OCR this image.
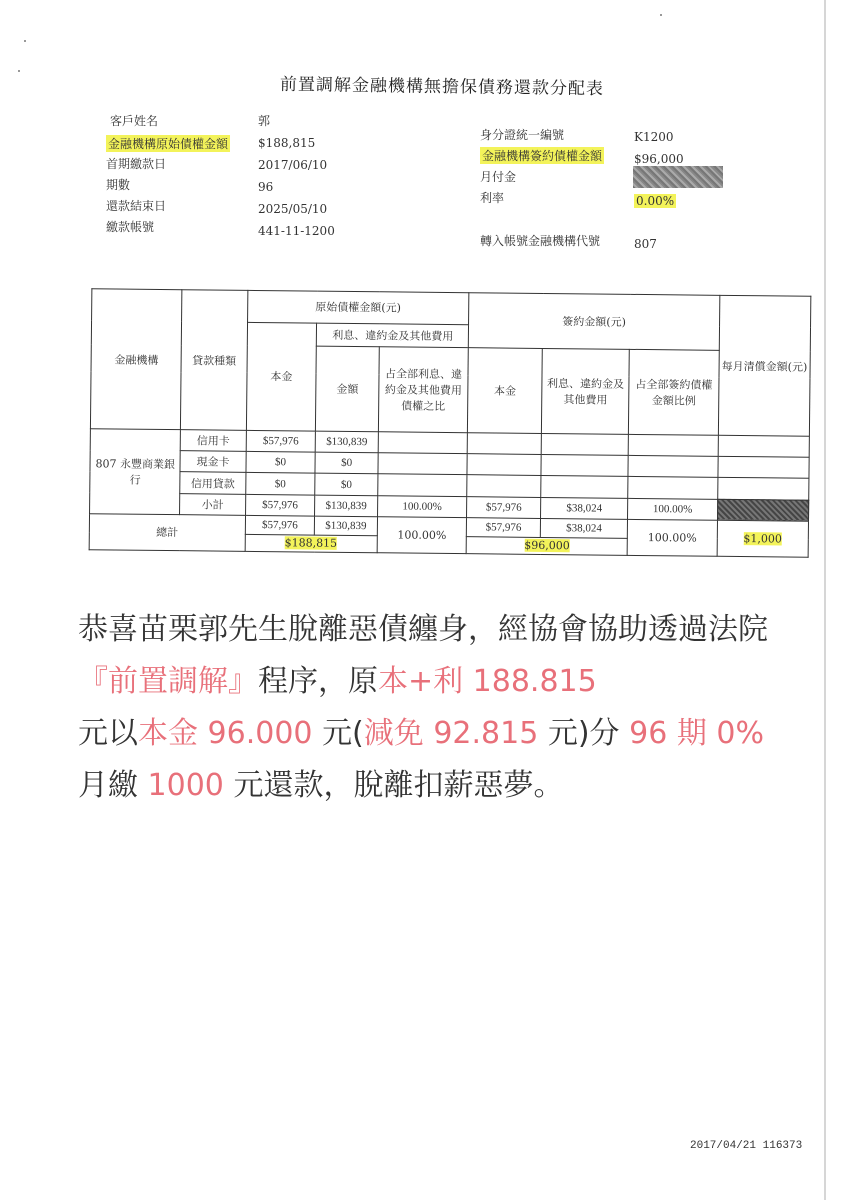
前置調解金融機構無擔保債務還款分配表
客戶姓名	郭
金融機構原始債權金額 $188,815
首期繳款日	2017/06/10
期數	96
還款結束日	2025/05/10
繳款帳號	441-11-1200
身分證統一編號	K1200
金融機構簽約債權金額	$96,000
月付金
利率	0.00%
轉入帳號金融機構代號	807
金融機構	貸款種類	原始債權金額(元)			簽約金額(元)			每月清償金額(元)
		本金	利息、違約金及其他費用					
			金額	占全部利息、違約金及其他費用債權之比	本金	利息、違約金及其他費用	占全部簽約債權金額比例	

807 永豐商業銀行	信用卡	$57,976	$130,839					
	現金卡	$0	$0					
	信用貸款	$0	$0					
	小計	$57,976	$130,839	100.00%	$57,976	$38,024	100.00%	
總計		$57,976	$130,839	100.00%	$57,976	$38,024	100.00%	$1,000
		$188,815			$96,000			
恭喜苗栗郭先生脫離惡債纏身，經協會協助透過法院『前置調解』程序，原本+利 188.815
元以本金 96.000 元(減免 92.815 元)分 96 期 0%月繳 1000 元還款，脫離扣薪惡夢。
2017/04/21 116373
